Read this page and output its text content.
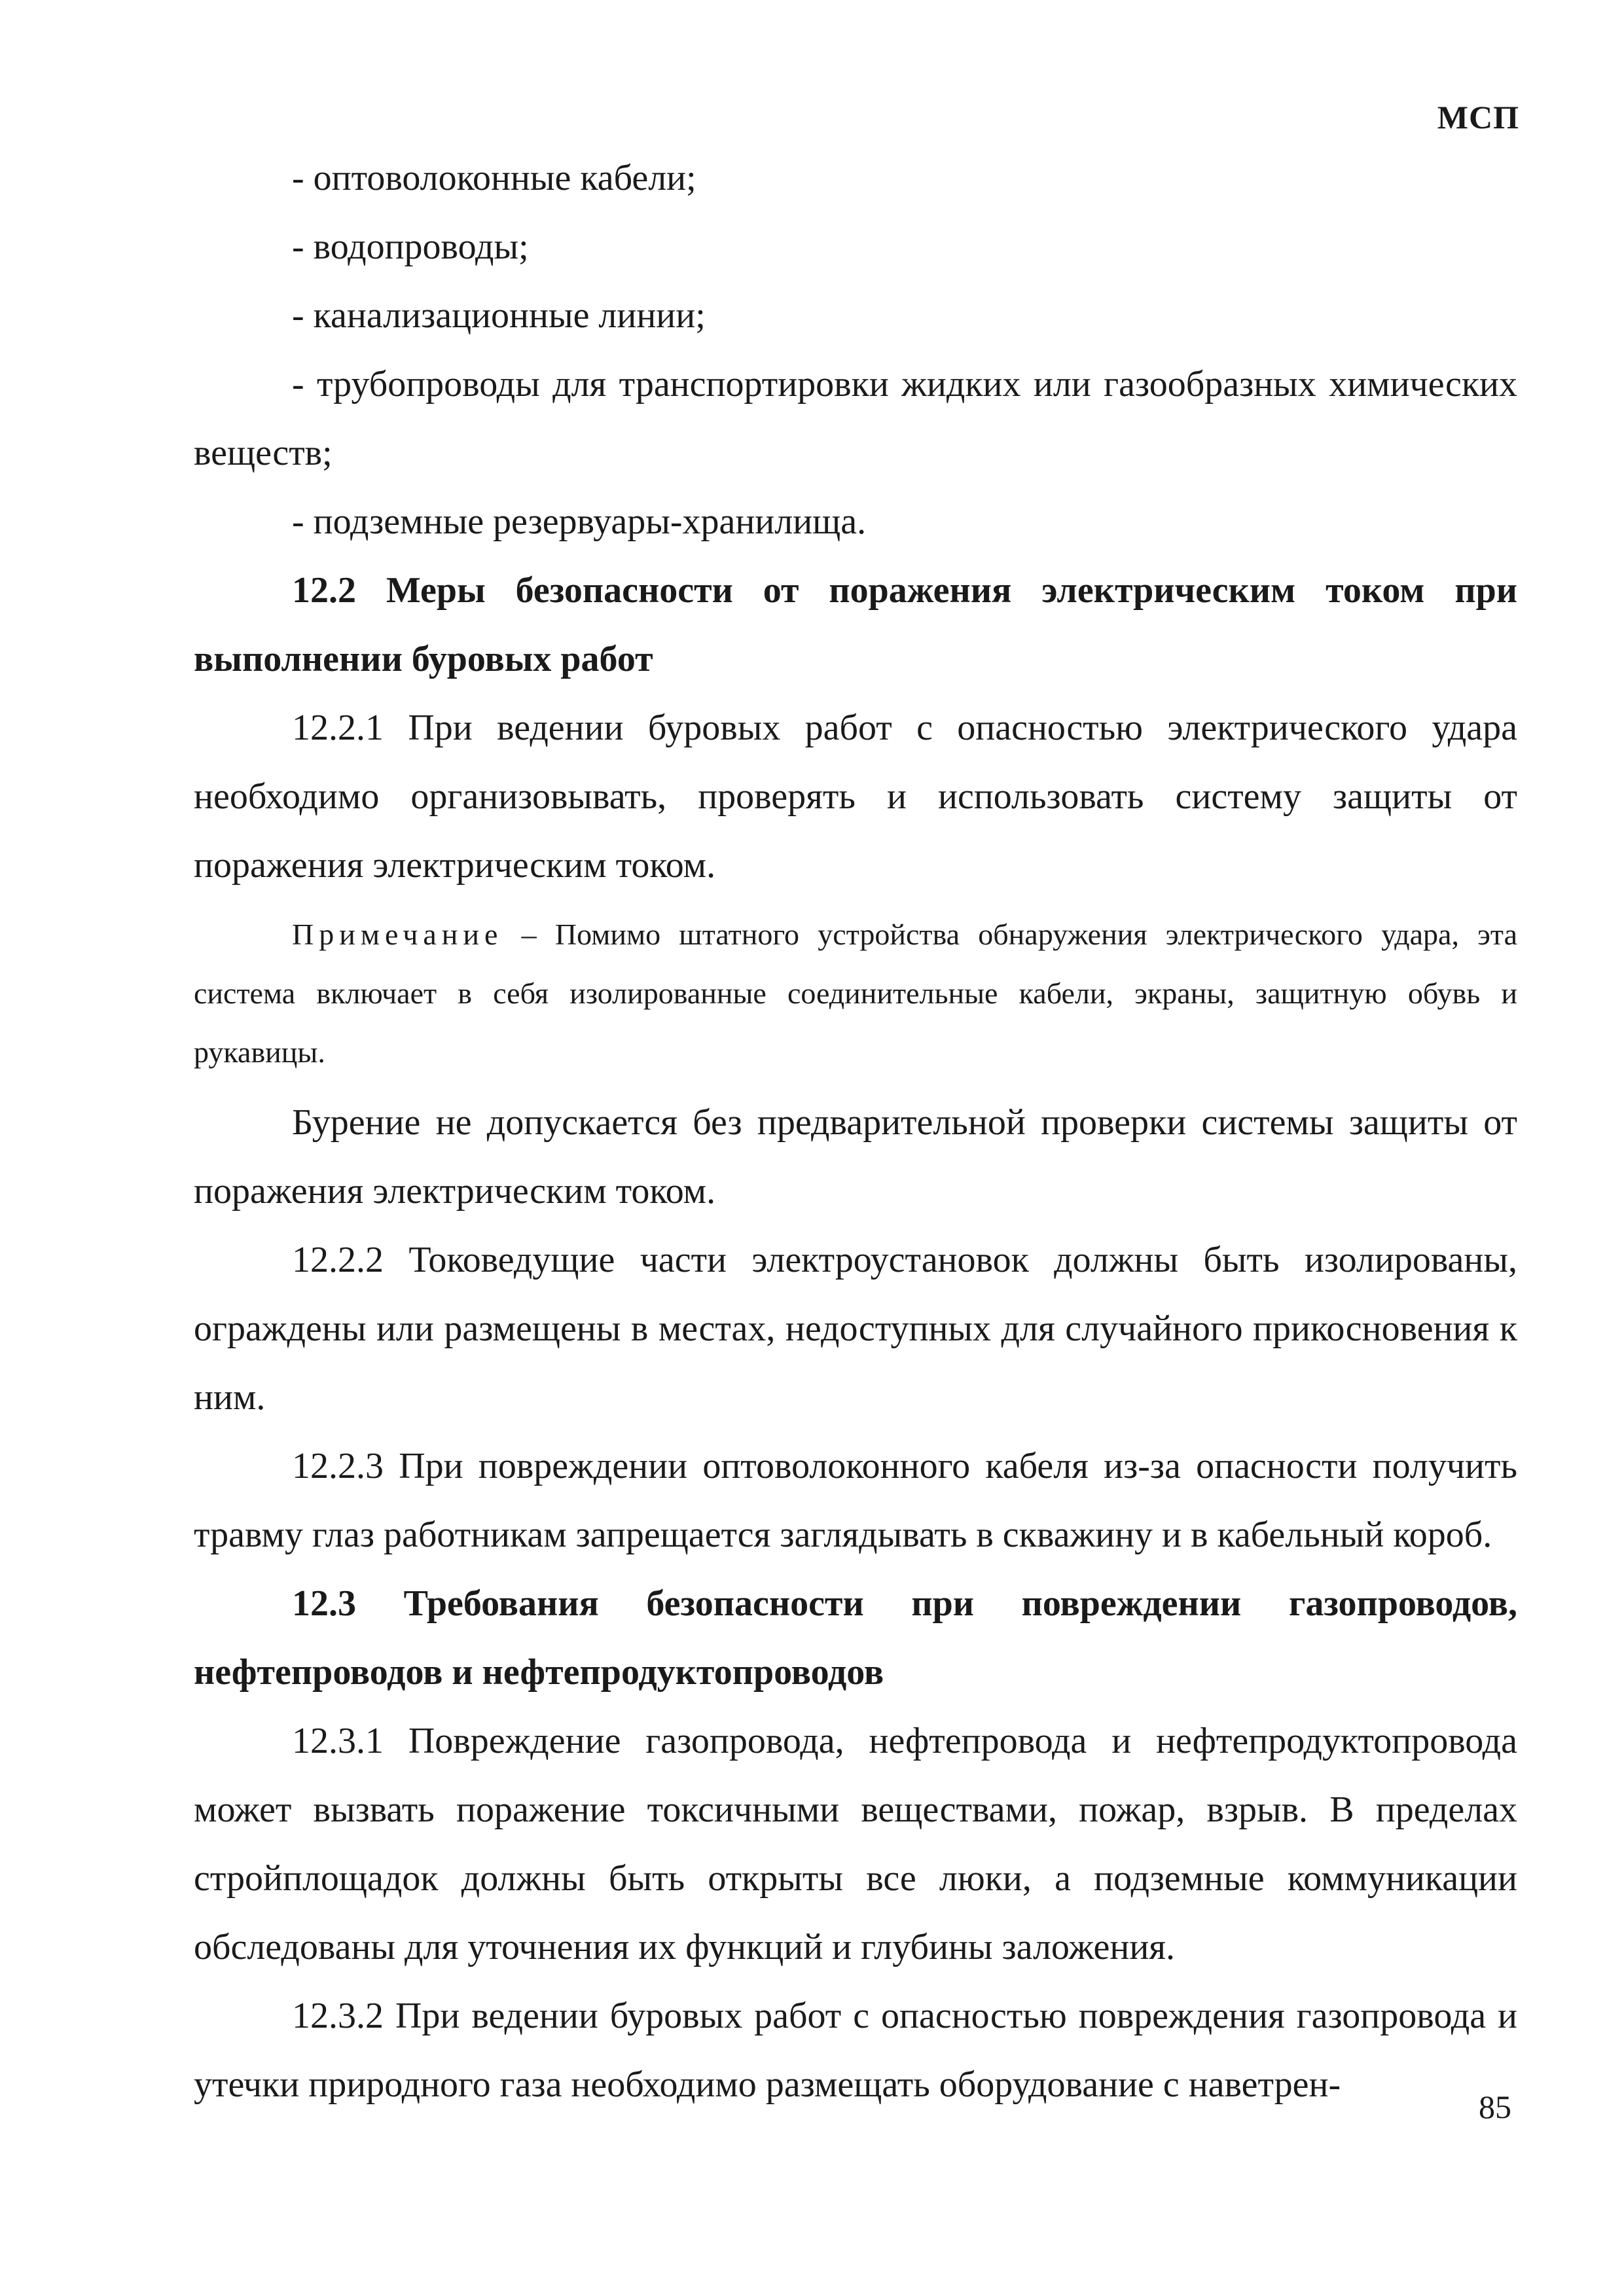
МСП

- оптоволоконные кабели;

- водопроводы;

- канализационные линии;

- трубопроводы для транспортировки жидких или газообразных химических веществ;

- подземные резервуары-хранилища.

12.2 Меры безопасности от поражения электрическим током при выполнении буровых работ

12.2.1 При ведении буровых работ с опасностью электрического удара необходимо организовывать, проверять и использовать систему защиты от поражения электрическим током.

Примечание – Помимо штатного устройства обнаружения электрического удара, эта система включает в себя изолированные соединительные кабели, экраны, защитную обувь и рукавицы.

Бурение не допускается без предварительной проверки системы защиты от поражения электрическим током.

12.2.2 Токоведущие части электроустановок должны быть изолированы, ограждены или размещены в местах, недоступных для случайного прикосновения к ним.

12.2.3 При повреждении оптоволоконного кабеля из-за опасности получить травму глаз работникам запрещается заглядывать в скважину и в кабельный короб.

12.3 Требования безопасности при повреждении газопроводов, нефтепроводов и нефтепродуктопроводов

12.3.1 Повреждение газопровода, нефтепровода и нефтепродуктопровода может вызвать поражение токсичными веществами, пожар, взрыв. В пределах стройплощадок должны быть открыты все люки, а подземные коммуникации обследованы для уточнения их функций и глубины заложения.

12.3.2 При ведении буровых работ с опасностью повреждения газопровода и утечки природного газа необходимо размещать оборудование с наветрен-

85
